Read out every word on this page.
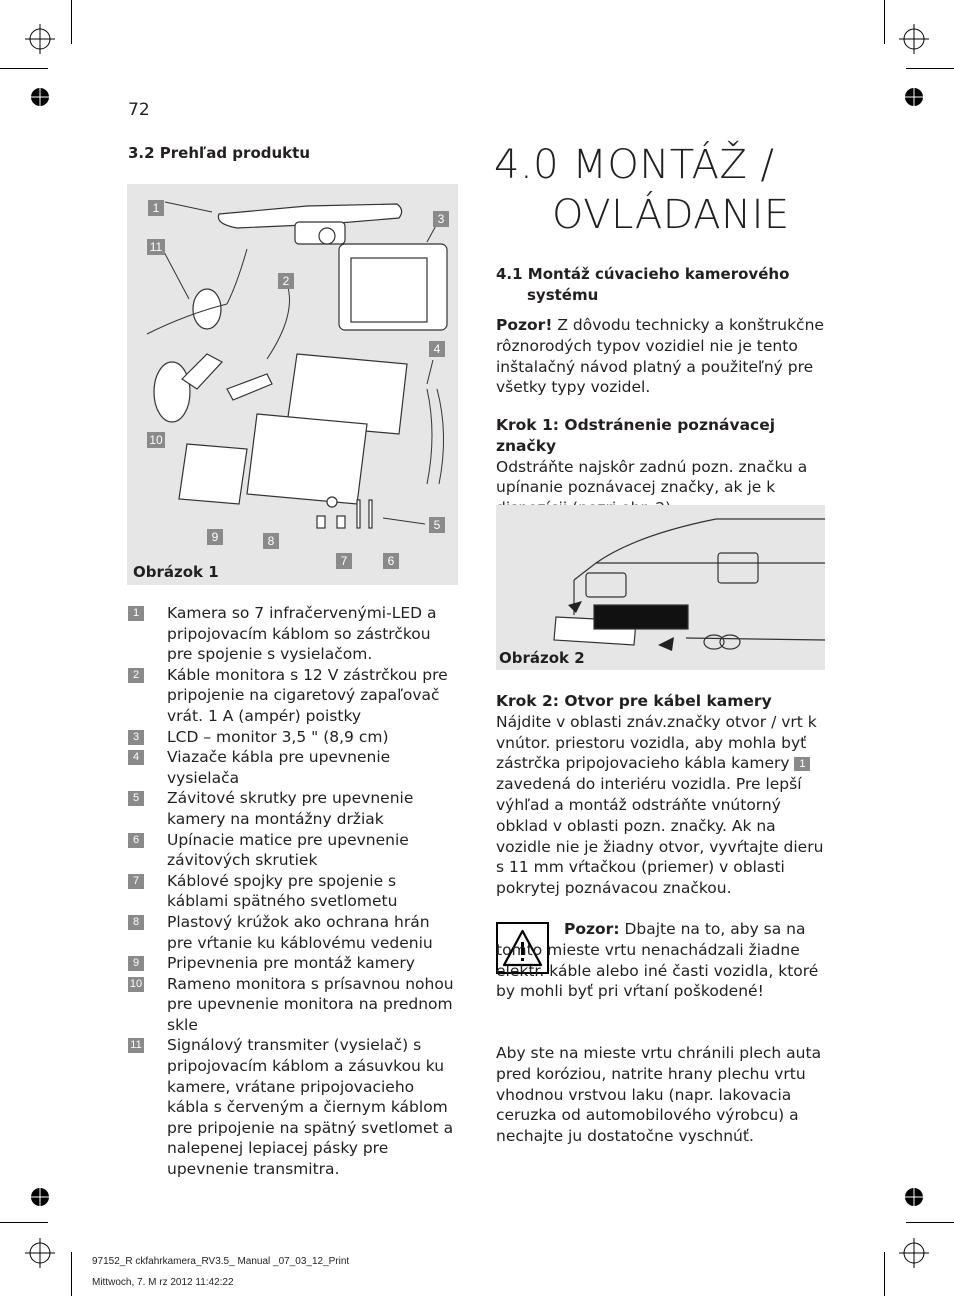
72
3.2 Prehľad produktu
1
2
3
4
5
6
7
8
9
10
11
Obrázok 1
1	Kamera so 7 infračervenými-LED a pripojovacím káblom so zástrčkou pre spojenie s vysielačom.
2	Káble monitora s 12 V zástrčkou pre pripojenie na cigaretový zapaľovač vrát. 1 A (ampér) poistky
3	LCD – monitor 3,5 " (8,9 cm)
4	Viazače kábla pre upevnenie vysielača
5	Závitové skrutky pre upevnenie kamery na montážny držiak
6	Upínacie matice pre upevnenie závitových skrutiek
7	Káblové spojky pre spojenie s káblami spätného svetlometu
8	Plastový krúžok ako ochrana hrán pre vŕtanie ku káblovému vedeniu
9	Pripevnenia pre montáž kamery
10 Rameno monitora s prísavnou nohou pre upevnenie monitora na prednom skle
11 Signálový transmiter (vysielač) s pripojovacím káblom a zásuvkou ku kamere, vrátane pripojovacieho kábla s červeným a čiernym káblom pre pripojenie na spätný svetlomet a nalepenej lepiacej pásky pre upevnenie transmitra.
4.0 MONTÁŽ /
OVLÁDANIE
4.1 Montáž cúvacieho kamerového
systému
Pozor! Z dôvodu technicky a konštrukčne rôznorodých typov vozidiel nie je tento inštalačný návod platný a použiteľný pre všetky typy vozidel.
Krok 1: Odstránenie poznávacej značky
Odstráňte najskôr zadnú pozn. značku a upínanie poznávacej značky, ak je k
Obrázok 2
Krok 2: Otvor pre kábel kamery
Nájdite v oblasti znáv.značky otvor / vrt k vnútor. priestoru vozidla, aby mohla byť zástrčka pripojovacieho kábla kamery 1 zavedená do interiéru vozidla. Pre lepší výhľad a montáž odstráňte vnútorný obklad v oblasti pozn. značky. Ak na vozidle nie je žiadny otvor, vyvŕtajte dieru s 11 mm vŕtačkou (priemer) v oblasti pokrytej poznávacou značkou.
Pozor: Dbajte na to, aby sa na tomto mieste vrtu nenachádzali žiadne elektr. káble alebo iné časti vozidla, ktoré by mohli byť pri vŕtaní poškodené!
Aby ste na mieste vrtu chránili plech auta pred koróziou, natrite hrany plechu vrtu vhodnou vrstvou laku (napr. lakovacia ceruzka od automobilového výrobcu) a nechajte ju dostatočne vyschnúť.
97152_R ckfahrkamera_RV3.5_ Manual _07_03_12_Print
Mittwoch, 7. M rz 2012 11:42:22
